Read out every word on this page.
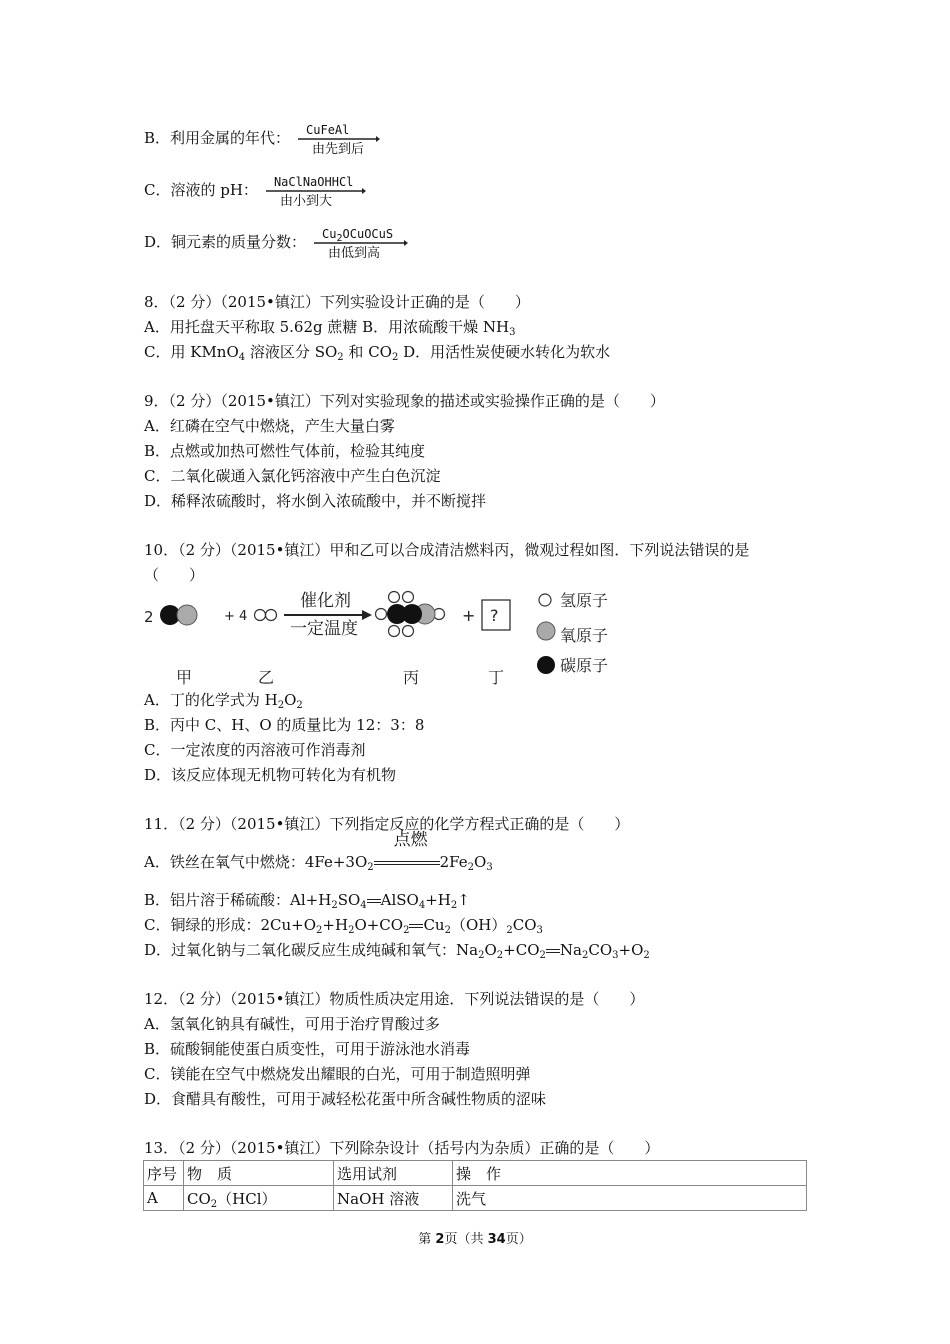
B．利用金属的年代： CuFeAl
由先到后
C．溶液的 pH： NaClNaOHHCl
由小到大
D．铜元素的质量分数： $Cu_2OCuOCuS$
由低到高
8．（2 分）（2015•镇江）下列实验设计正确的是（　　）
A．用托盘天平称取 5.62g 蔗糖 B．用浓硫酸干燥 $NH_3$
C．用 KMnO$_4$ 溶液区分 $SO_2$ 和 $CO_2$ D．用活性炭使硬水转化为软水
9．（2 分）（2015•镇江）下列对实验现象的描述或实验操作正确的是（　　）
A．红磷在空气中燃烧，产生大量白雾
B．点燃或加热可燃性气体前，检验其纯度
C．二氧化碳通入氯化钙溶液中产生白色沉淀
D．稀释浓硫酸时，将水倒入浓硫酸中，并不断搅拌
10．（2 分）（2015•镇江）甲和乙可以合成清洁燃料丙，微观过程如图．下列说法错误的是
（　　）
2	+ 4
催化剂
一定温度
+ ?
氢原子
氧原子
碳原子
甲	乙	丙	丁
A．丁的化学式为 $H_2O_2$
B．丙中 C、H、O 的质量比为 12：3：8
C．一定浓度的丙溶液可作消毒剂
D．该反应体现无机物可转化为有机物
11．（2 分）（2015•镇江）下列指定反应的化学方程式正确的是（　　）
A．铁丝在氧气中燃烧：$4Fe+3O_2$
点燃
$2Fe_2O_3$
B．铝片溶于稀硫酸：$Al+H_2SO_4$ $AlSO_4+H_2↑$
C．铜绿的形成：$2Cu+O_2+H_2O+CO_2$ $Cu_2(OH)_2CO_3$
D．过氧化钠与二氧化碳反应生成纯碱和氧气：$Na_2O_2+CO_2$ $Na_2CO_3+O_2$
12．（2 分）（2015•镇江）物质性质决定用途．下列说法错误的是（　　）
A．氢氧化钠具有碱性，可用于治疗胃酸过多
B．硫酸铜能使蛋白质变性，可用于游泳池水消毒
C．镁能在空气中燃烧发出耀眼的白光，可用于制造照明弹
D．食醋具有酸性，可用于减轻松花蛋中所含碱性物质的涩味
13．（2 分）（2015•镇江）下列除杂设计（括号内为杂质）正确的是（　　）
序号	物　质	选用试剂	操　作
A	$CO_2(HCl)$	NaOH 溶液	洗气
第 2页（共 34页）
